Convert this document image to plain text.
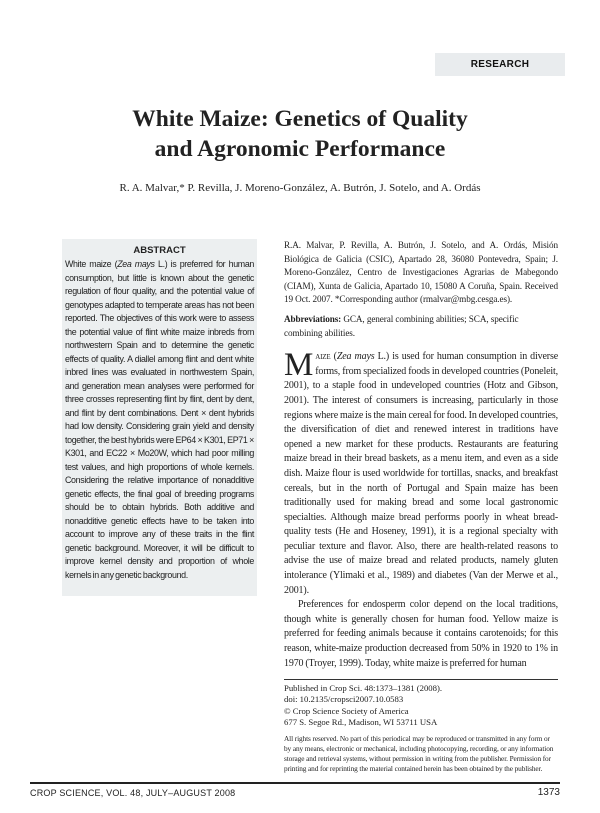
RESEARCH
White Maize: Genetics of Quality
and Agronomic Performance
R. A. Malvar,* P. Revilla, J. Moreno-González, A. Butrón, J. Sotelo, and A. Ordás
ABSTRACT
White maize (Zea mays L.) is preferred for human consumption, but little is known about the genetic regulation of flour quality, and the potential value of genotypes adapted to temperate areas has not been reported. The objectives of this work were to assess the potential value of flint white maize inbreds from northwestern Spain and to determine the genetic effects of quality. A diallel among flint and dent white inbred lines was evaluated in northwestern Spain, and generation mean analyses were performed for three crosses representing flint by flint, dent by dent, and flint by dent combinations. Dent × dent hybrids had low density. Considering grain yield and density together, the best hybrids were EP64 × K301, EP71 × K301, and EC22 × Mo20W, which had poor milling test values, and high proportions of whole kernels. Considering the relative importance of nonadditive genetic effects, the final goal of breeding programs should be to obtain hybrids. Both additive and nonadditive genetic effects have to be taken into account to improve any of these traits in the flint genetic background. Moreover, it will be difficult to improve kernel density and proportion of whole kernels in any genetic background.
R.A. Malvar, P. Revilla, A. Butrón, J. Sotelo, and A. Ordás, Misión Biológica de Galicia (CSIC), Apartado 28, 36080 Pontevedra, Spain; J. Moreno-González, Centro de Investigaciones Agrarias de Mabegondo (CIAM), Xunta de Galicia, Apartado 10, 15080 A Coruña, Spain. Received 19 Oct. 2007. *Corresponding author (rmalvar@mbg.cesga.es).
Abbreviations: GCA, general combining abilities; SCA, specific combining abilities.

Maize (Zea mays L.) is used for human consumption in diverse forms, from specialized foods in developed countries (Poneleit, 2001), to a staple food in undeveloped countries (Hotz and Gibson, 2001). The interest of consumers is increasing, particularly in those regions where maize is the main cereal for food. In developed countries, the diversification of diet and renewed interest in traditions have opened a new market for these products. Restaurants are featuring maize bread in their bread baskets, as a menu item, and even as a side dish. Maize flour is used worldwide for tortillas, snacks, and breakfast cereals, but in the north of Portugal and Spain maize has been traditionally used for making bread and some local gastronomic specialties. Although maize bread performs poorly in wheat bread-quality tests (He and Hoseney, 1991), it is a regional specialty with peculiar texture and flavor. Also, there are health-related reasons to advise the use of maize bread and related products, namely gluten intolerance (Ylimaki et al., 1989) and diabetes (Van der Merwe et al., 2001).

Preferences for endosperm color depend on the local traditions, though white is generally chosen for human food. Yellow maize is preferred for feeding animals because it contains carotenoids; for this reason, white-maize production decreased from 50% in 1920 to 1% in 1970 (Troyer, 1999). Today, white maize is preferred for human

Published in Crop Sci. 48:1373–1381 (2008).
doi: 10.2135/cropsci2007.10.0583
© Crop Science Society of America
677 S. Segoe Rd., Madison, WI 53711 USA
All rights reserved. No part of this periodical may be reproduced or transmitted in any form or by any means, electronic or mechanical, including photocopying, recording, or any information storage and retrieval systems, without permission in writing from the publisher. Permission for printing and for reprinting the material contained herein has been obtained by the publisher.
CROP SCIENCE, VOL. 48, JULY–AUGUST 2008	1373
